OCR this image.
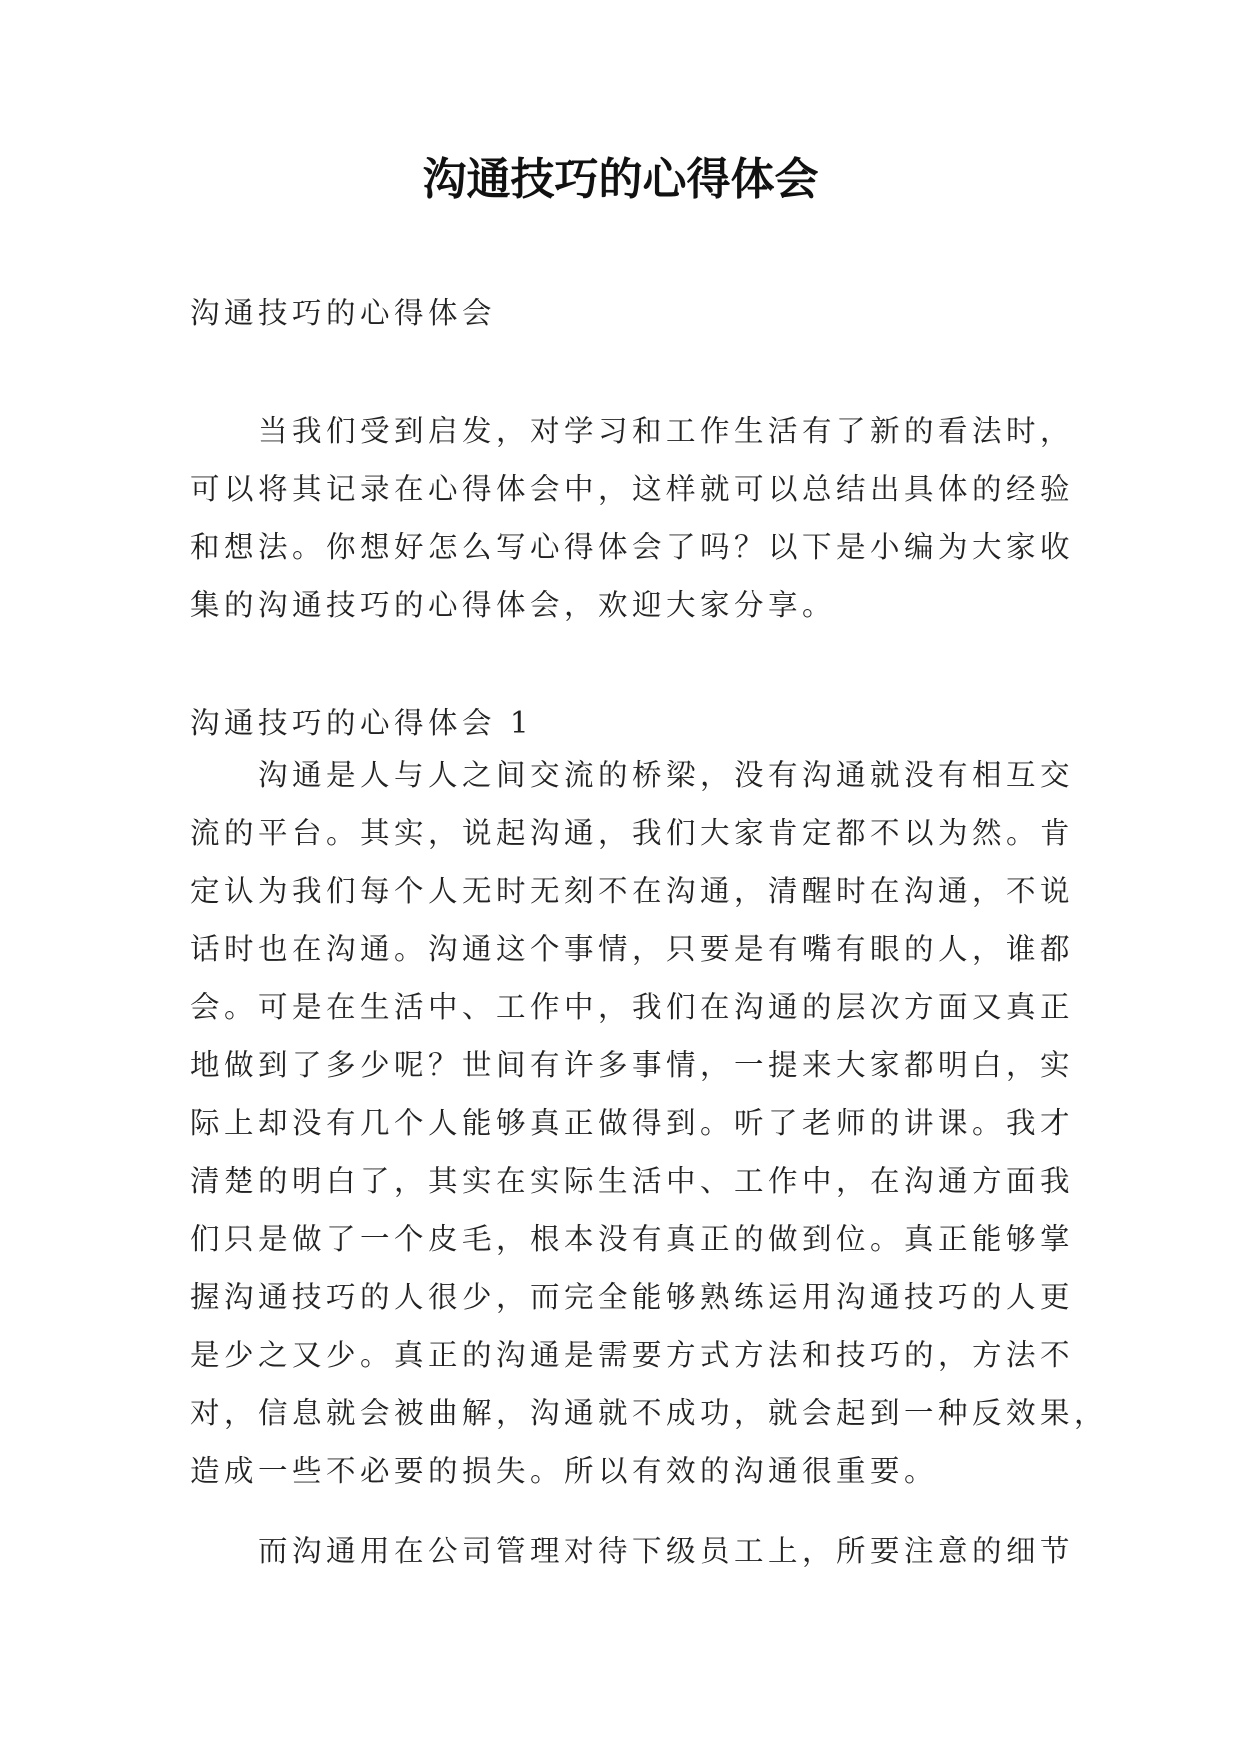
沟通技巧的心得体会
沟通技巧的心得体会
当我们受到启发，对学习和工作生活有了新的看法时，
可以将其记录在心得体会中，这样就可以总结出具体的经验
和想法。你想好怎么写心得体会了吗？以下是小编为大家收
集的沟通技巧的心得体会，欢迎大家分享。
沟通技巧的心得体会 1
沟通是人与人之间交流的桥梁，没有沟通就没有相互交
流的平台。其实，说起沟通，我们大家肯定都不以为然。肯
定认为我们每个人无时无刻不在沟通，清醒时在沟通，不说
话时也在沟通。沟通这个事情，只要是有嘴有眼的人，谁都
会。可是在生活中、工作中，我们在沟通的层次方面又真正
地做到了多少呢？世间有许多事情，一提来大家都明白，实
际上却没有几个人能够真正做得到。听了老师的讲课。我才
清楚的明白了，其实在实际生活中、工作中，在沟通方面我
们只是做了一个皮毛，根本没有真正的做到位。真正能够掌
握沟通技巧的人很少，而完全能够熟练运用沟通技巧的人更
是少之又少。真正的沟通是需要方式方法和技巧的，方法不
对，信息就会被曲解，沟通就不成功，就会起到一种反效果，
造成一些不必要的损失。所以有效的沟通很重要。
而沟通用在公司管理对待下级员工上，所要注意的细节
